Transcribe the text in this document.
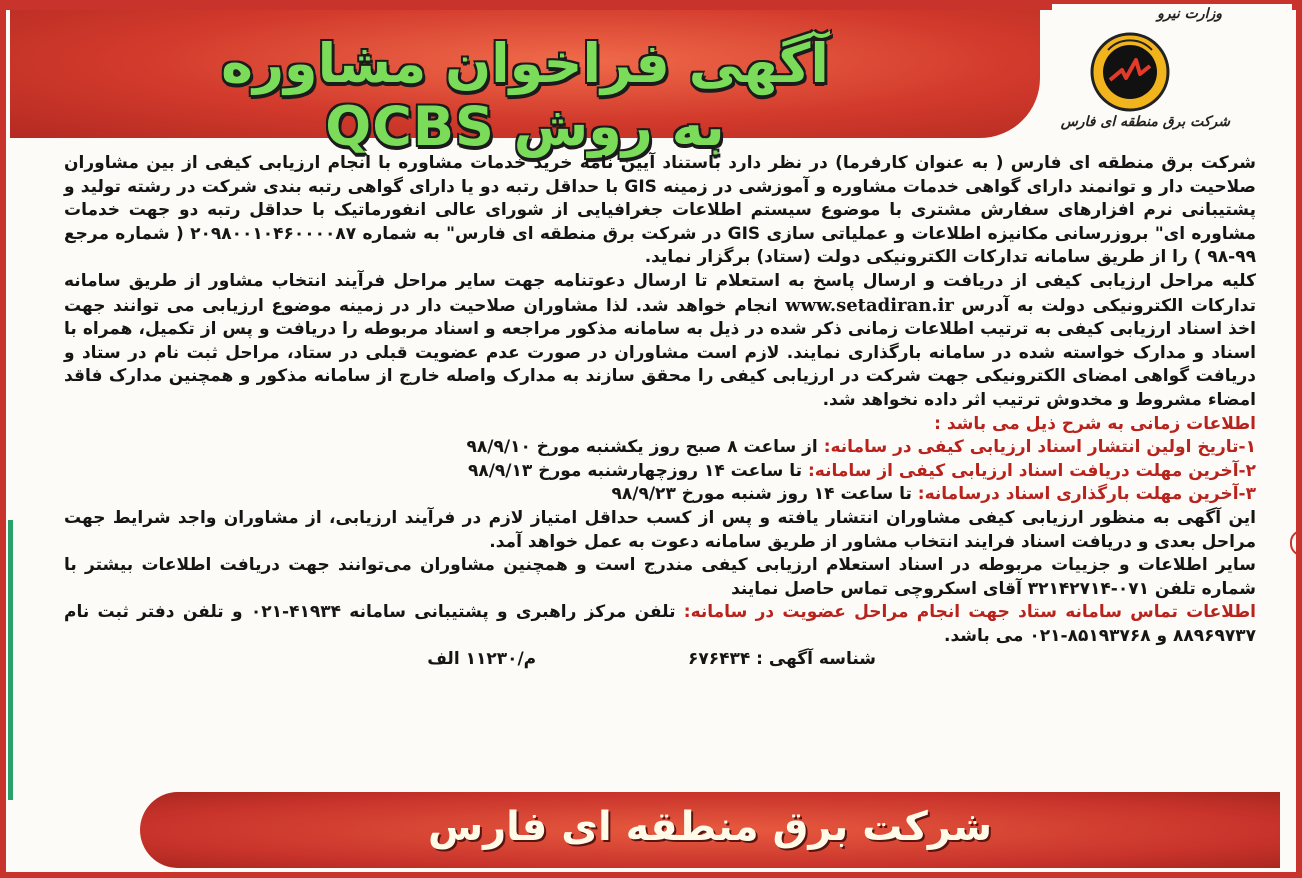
آگهی فراخوان مشاوره به روش QCBS
وزارت نیرو
شرکت برق منطقه ای فارس

شرکت برق منطقه ای فارس ( به عنوان کارفرما) در نظر دارد باستناد آیین نامه خرید خدمات مشاوره با انجام ارزیابی کیفی از بین مشاوران صلاحیت دار و توانمند دارای گواهی خدمات مشاوره و آموزشی در زمینه GIS با حداقل رتبه دو یا دارای گواهی رتبه بندی شرکت در رشته تولید و پشتیبانی نرم افزارهای سفارش مشتری با موضوع سیستم اطلاعات جغرافیایی از شورای عالی انفورماتیک با حداقل رتبه دو جهت خدمات مشاوره ای" بروزرسانی مکانیزه اطلاعات و عملیاتی سازی GIS در شرکت برق منطقه ای فارس" به شماره ۲۰۹۸۰۰۱۰۴۶۰۰۰۰۸۷ ( شماره مرجع ۹۹-۹۸ ) را از طریق سامانه تدارکات الکترونیکی دولت (ستاد) برگزار نماید.

کلیه مراحل ارزیابی کیفی از دریافت و ارسال پاسخ به استعلام تا ارسال دعوتنامه جهت سایر مراحل فرآیند انتخاب مشاور از طریق سامانه تدارکات الکترونیکی دولت به آدرس www.setadiran.ir انجام خواهد شد. لذا مشاوران صلاحیت دار در زمینه موضوع ارزیابی می توانند جهت اخذ اسناد ارزیابی کیفی به ترتیب اطلاعات زمانی ذکر شده در ذیل به سامانه مذکور مراجعه و اسناد مربوطه را دریافت و پس از تکمیل، همراه با اسناد و مدارک خواسته شده در سامانه بارگذاری نمایند. لازم است مشاوران در صورت عدم عضویت قبلی در ستاد، مراحل ثبت نام در ستاد و دریافت گواهی امضای الکترونیکی جهت شرکت در ارزیابی کیفی را محقق سازند به مدارک واصله خارج از سامانه مذکور و همچنین مدارک فاقد امضاء مشروط و مخدوش ترتیب اثر داده نخواهد شد.

اطلاعات زمانی به شرح ذیل می باشد :

۱-تاریخ اولین انتشار اسناد ارزیابی کیفی در سامانه: از ساعت ۸ صبح روز یکشنبه مورخ ۹۸/۹/۱۰

۲-آخرین مهلت دریافت اسناد ارزیابی کیفی از سامانه: تا ساعت ۱۴ روزچهارشنبه مورخ ۹۸/۹/۱۳

۳-آخرین مهلت بارگذاری اسناد درسامانه: تا ساعت ۱۴ روز شنبه مورخ ۹۸/۹/۲۳

این آگهی به منظور ارزیابی کیفی مشاوران انتشار یافته و پس از کسب حداقل امتیاز لازم در فرآیند ارزیابی، از مشاوران واجد شرایط جهت مراحل بعدی و دریافت اسناد فرایند انتخاب مشاور از طریق سامانه دعوت به عمل خواهد آمد.

سایر اطلاعات و جزییات مربوطه در اسناد استعلام ارزیابی کیفی مندرج است و همچنین مشاوران می‌توانند جهت دریافت اطلاعات بیشتر با شماره تلفن ۰۷۱-۳۲۱۴۲۷۱۴ آقای اسکروچی تماس حاصل نمایند

اطلاعات تماس سامانه ستاد جهت انجام مراحل عضویت در سامانه: تلفن مرکز راهبری و پشتیبانی سامانه ۴۱۹۳۴-۰۲۱ و تلفن دفتر ثبت نام ۸۸۹۶۹۷۳۷ و ۸۵۱۹۳۷۶۸-۰۲۱ می باشد.

شناسه آگهی : ۶۷۶۴۳۴  م/۱۱۲۳۰ الف

شرکت برق منطقه ای فارس
